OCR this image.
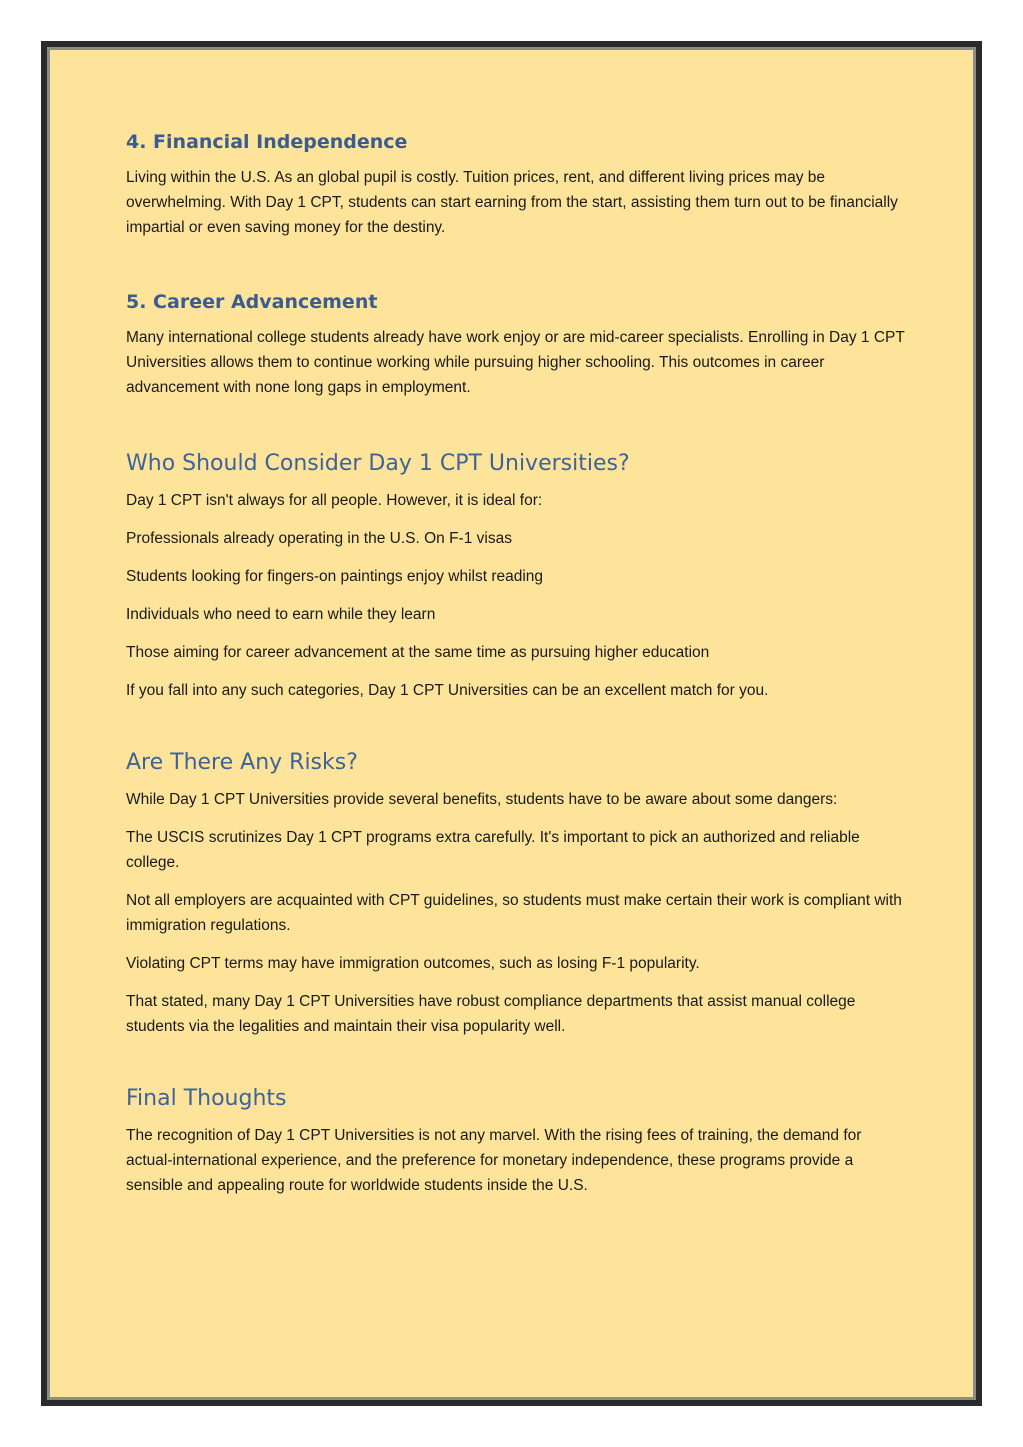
4. Financial Independence

Living within the U.S. As an global pupil is costly. Tuition prices, rent, and different living prices may be overwhelming. With Day 1 CPT, students can start earning from the start, assisting them turn out to be financially impartial or even saving money for the destiny.

5. Career Advancement

Many international college students already have work enjoy or are mid-career specialists. Enrolling in Day 1 CPT Universities allows them to continue working while pursuing higher schooling. This outcomes in career advancement with none long gaps in employment.

Who Should Consider Day 1 CPT Universities?

Day 1 CPT isn't always for all people. However, it is ideal for:

Professionals already operating in the U.S. On F-1 visas

Students looking for fingers-on paintings enjoy whilst reading

Individuals who need to earn while they learn

Those aiming for career advancement at the same time as pursuing higher education

If you fall into any such categories, Day 1 CPT Universities can be an excellent match for you.

Are There Any Risks?

While Day 1 CPT Universities provide several benefits, students have to be aware about some dangers:

The USCIS scrutinizes Day 1 CPT programs extra carefully. It's important to pick an authorized and reliable college.

Not all employers are acquainted with CPT guidelines, so students must make certain their work is compliant with immigration regulations.

Violating CPT terms may have immigration outcomes, such as losing F-1 popularity.

That stated, many Day 1 CPT Universities have robust compliance departments that assist manual college students via the legalities and maintain their visa popularity well.

Final Thoughts

The recognition of Day 1 CPT Universities is not any marvel. With the rising fees of training, the demand for actual-international experience, and the preference for monetary independence, these programs provide a sensible and appealing route for worldwide students inside the U.S.
